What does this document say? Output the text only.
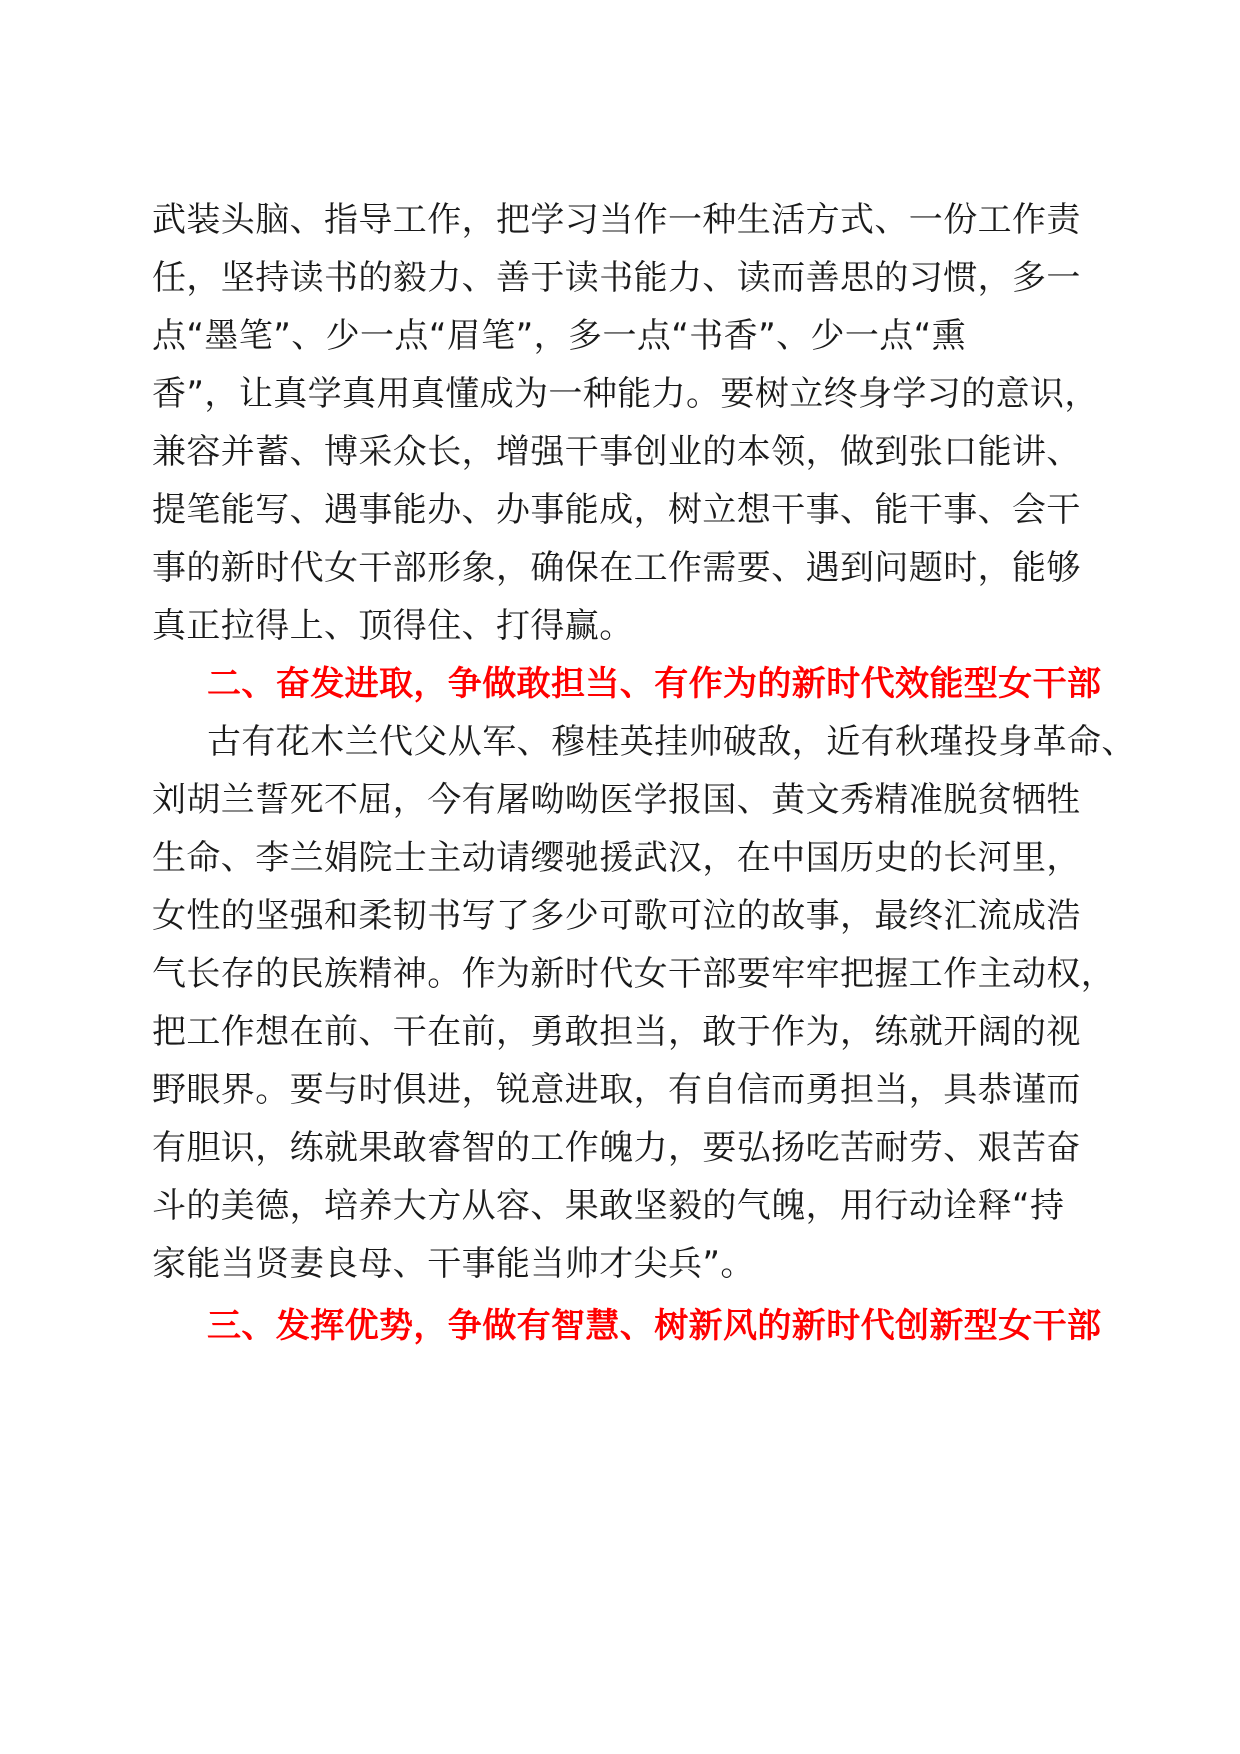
武装头脑、指导工作，把学习当作一种生活方式、一份工作责
任，坚持读书的毅力、善于读书能力、读而善思的习惯，多一
点“墨笔”、少一点“眉笔”，多一点“书香”、少一点“熏
香”，让真学真用真懂成为一种能力。要树立终身学习的意识，
兼容并蓄、博采众长，增强干事创业的本领，做到张口能讲、
提笔能写、遇事能办、办事能成，树立想干事、能干事、会干
事的新时代女干部形象，确保在工作需要、遇到问题时，能够
真正拉得上、顶得住、打得赢。
二、奋发进取，争做敢担当、有作为的新时代效能型女干部
古有花木兰代父从军、穆桂英挂帅破敌，近有秋瑾投身革命、
刘胡兰誓死不屈，今有屠呦呦医学报国、黄文秀精准脱贫牺牲
生命、李兰娟院士主动请缨驰援武汉，在中国历史的长河里，
女性的坚强和柔韧书写了多少可歌可泣的故事，最终汇流成浩
气长存的民族精神。作为新时代女干部要牢牢把握工作主动权，
把工作想在前、干在前，勇敢担当，敢于作为，练就开阔的视
野眼界。要与时俱进，锐意进取，有自信而勇担当，具恭谨而
有胆识，练就果敢睿智的工作魄力，要弘扬吃苦耐劳、艰苦奋
斗的美德，培养大方从容、果敢坚毅的气魄，用行动诠释“持
家能当贤妻良母、干事能当帅才尖兵”。
三、发挥优势，争做有智慧、树新风的新时代创新型女干部
